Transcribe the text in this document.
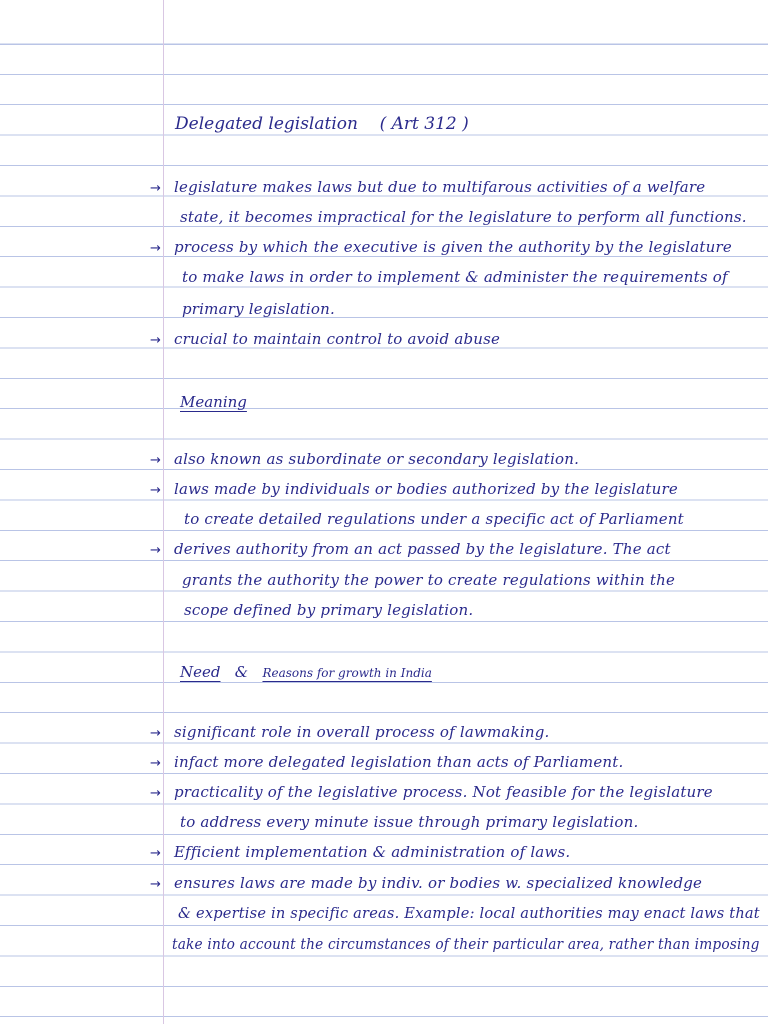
Delegated legislation ( Art 312 )
→ legislature makes laws but due to multifarous activities of a welfare
state, it becomes impractical for the legislature to perform all functions.
→ process by which the executive is given the authority by the legislature
to make laws in order to implement & administer the requirements of
primary legislation.
→ crucial to maintain control to avoid abuse
Meaning
→ also known as subordinate or secondary legislation.
→ laws made by individuals or bodies authorized by the legislature
to create detailed regulations under a specific act of Parliament
→ derives authority from an act passed by the legislature. The act
grants the authority the power to create regulations within the
scope defined by primary legislation.
Need & Reasons for growth in India
→ significant role in overall process of lawmaking.
→ infact more delegated legislation than acts of Parliament.
→ practicality of the legislative process. Not feasible for the legislature
to address every minute issue through primary legislation.
→ Efficient implementation & administration of laws.
→ ensures laws are made by indiv. or bodies w. specialized knowledge
& expertise in specific areas. Example: local authorities may enact laws that
take into account the circumstances of their particular area, rather than imposing
